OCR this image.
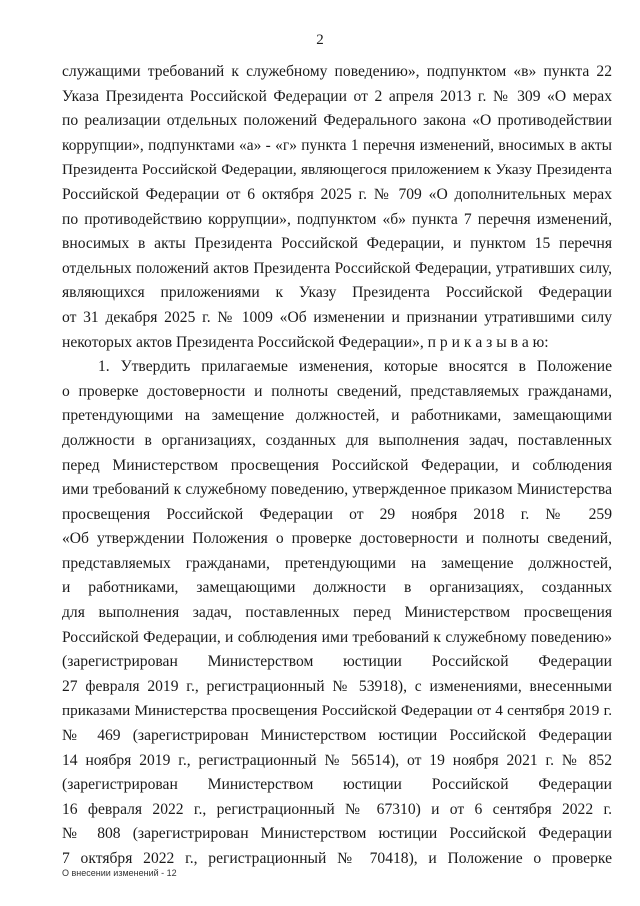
2
служащими требований к служебному поведению», подпунктом «в» пункта 22
Указа Президента Российской Федерации от 2 апреля 2013 г. № 309 «О мерах
по реализации отдельных положений Федерального закона «О противодействии
коррупции», подпунктами «а» - «г» пункта 1 перечня изменений, вносимых в акты
Президента Российской Федерации, являющегося приложением к Указу Президента
Российской Федерации от 6 октября 2025 г. № 709 «О дополнительных мерах
по противодействию коррупции», подпунктом «б» пункта 7 перечня изменений,
вносимых в акты Президента Российской Федерации, и пунктом 15 перечня
отдельных положений актов Президента Российской Федерации, утративших силу,
являющихся приложениями к Указу Президента Российской Федерации
от 31 декабря 2025 г. № 1009 «Об изменении и признании утратившими силу
некоторых актов Президента Российской Федерации», п р и к а з ы в а ю:
1. Утвердить прилагаемые изменения, которые вносятся в Положение
о проверке достоверности и полноты сведений, представляемых гражданами,
претендующими на замещение должностей, и работниками, замещающими
должности в организациях, созданных для выполнения задач, поставленных
перед Министерством просвещения Российской Федерации, и соблюдения
ими требований к служебному поведению, утвержденное приказом Министерства
просвещения Российской Федерации от 29 ноября 2018 г. № 259
«Об утверждении Положения о проверке достоверности и полноты сведений,
представляемых гражданами, претендующими на замещение должностей,
и работниками, замещающими должности в организациях, созданных
для выполнения задач, поставленных перед Министерством просвещения
Российской Федерации, и соблюдения ими требований к служебному поведению»
(зарегистрирован Министерством юстиции Российской Федерации
27 февраля 2019 г., регистрационный № 53918), с изменениями, внесенными
приказами Министерства просвещения Российской Федерации от 4 сентября 2019 г.
№ 469 (зарегистрирован Министерством юстиции Российской Федерации
14 ноября 2019 г., регистрационный № 56514), от 19 ноября 2021 г. № 852
(зарегистрирован Министерством юстиции Российской Федерации
16 февраля 2022 г., регистрационный № 67310) и от 6 сентября 2022 г.
№ 808 (зарегистрирован Министерством юстиции Российской Федерации
7 октября 2022 г., регистрационный № 70418), и Положение о проверке
О внесении изменений - 12
